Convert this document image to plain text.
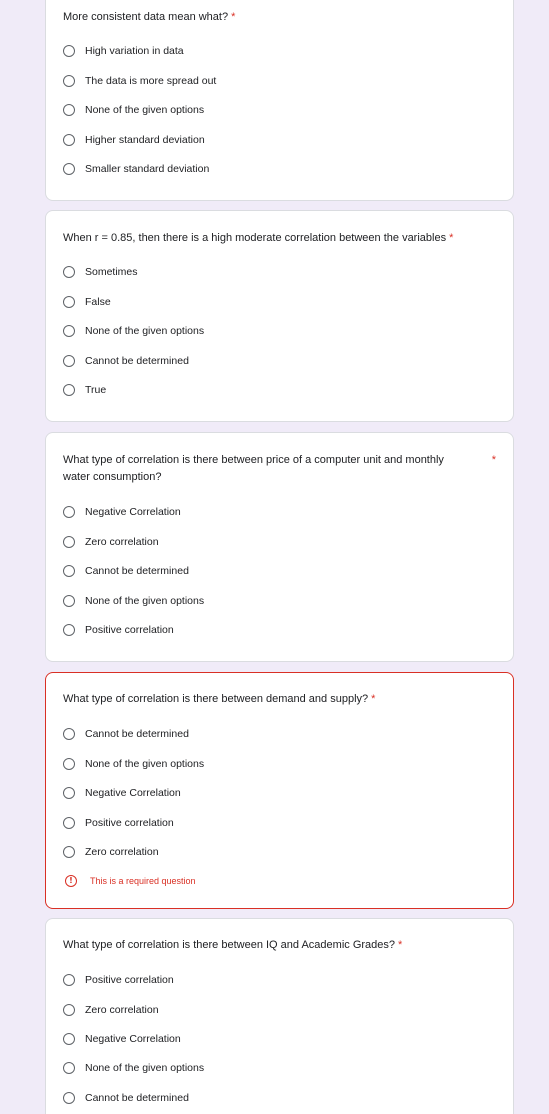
More consistent data mean what? *
High variation in data
The data is more spread out
None of the given options
Higher standard deviation
Smaller standard deviation
When r = 0.85, then there is a high moderate correlation between the variables *
Sometimes
False
None of the given options
Cannot be determined
True
What type of correlation is there between price of a computer unit and monthly water consumption?
*
Negative Correlation
Zero correlation
Cannot be determined
None of the given options
Positive correlation
What type of correlation is there between demand and supply? *
Cannot be determined
None of the given options
Negative Correlation
Positive correlation
Zero correlation
!	This is a required question
What type of correlation is there between IQ and Academic Grades? *
Positive correlation
Zero correlation
Negative Correlation
None of the given options
Cannot be determined
